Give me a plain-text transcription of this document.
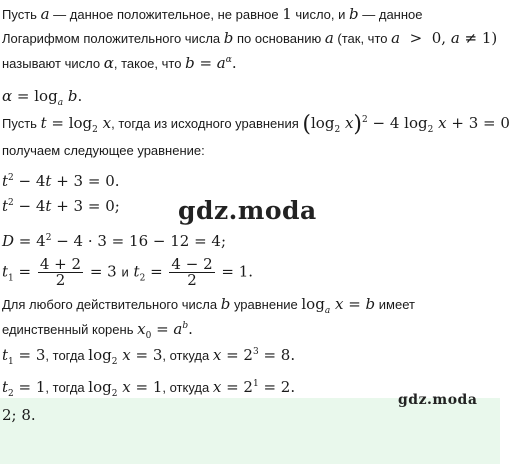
Пусть a — данное положительное, не равное 1 число, и b — данное
Логарифмом положительного числа b по основанию a (так, что a  >  0, a ≠ 1)
называют число α, такое, что $b = a^\alpha$.
$\alpha = \log_a b$.
Пусть $t = \log_2 x$, тогда из исходного уравнения ($\log_2$ x)$^2$ − 4 $\log_2 x + 3 = 0$
получаем следующее уравнение:
$t^2 - 4t + 3 = 0$.
$t^2 - 4t + 3 = 0$;
$D = 4^2 - 4 \cdot 3 = 16 - 12 = 4$;
$t_1 = \frac{4 + 2}{2} = 3$ и $t_2 = \frac{4 - 2}{2} = 1$.
Для любого действительного числа b уравнение $\log_a x = b$ имеет
единственный корень $x_0 = a^b$.
$t_1 = 3$, тогда $\log_2 x = 3$, откуда $x = 2^3 = 8$.
$t_2 = 1$, тогда $\log_2 x = 1$, откуда $x = 2^1 = 2$.
2; 8.
gdz.moda
gdz.moda
